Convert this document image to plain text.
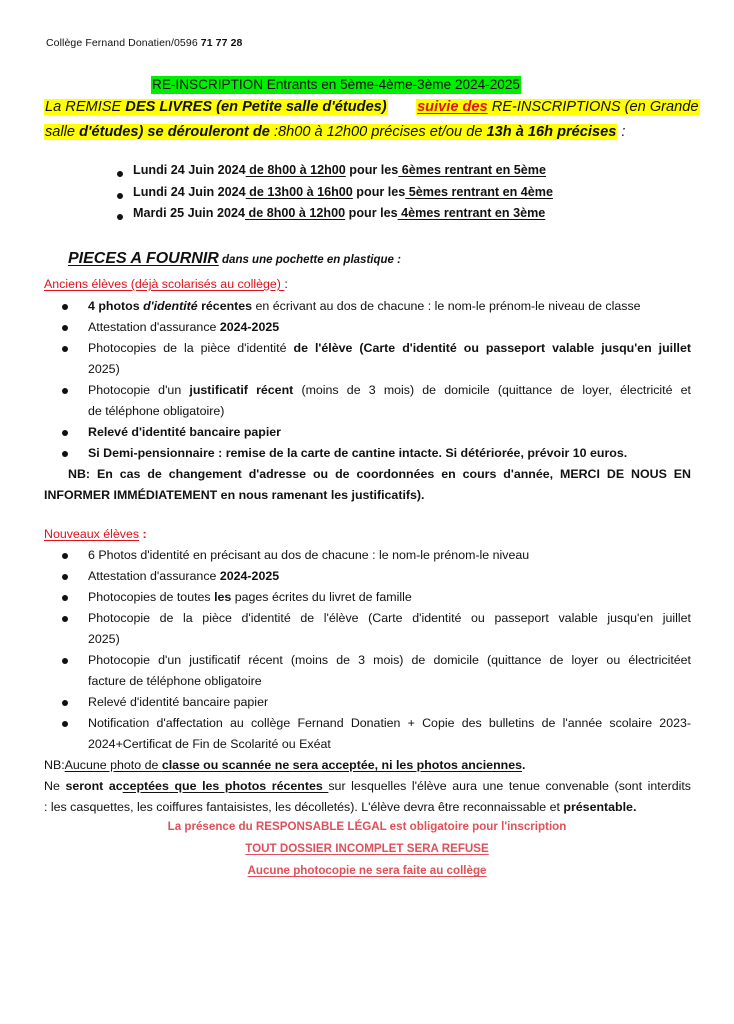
Collège Fernand Donatien/0596 71 77 28
RE-INSCRIPTION Entrants en 5ème-4ème-3ème 2024-2025
La REMISE DES LIVRES (en Petite salle d'études) suivie des RE-INSCRIPTIONS (en Grande
salle d'études) se dérouleront de :8h00 à 12h00 précises et/ou de 13h à 16h précises :
Lundi 24 Juin 2024 de 8h00 à 12h00 pour les 6èmes rentrant en 5ème
Lundi 24 Juin 2024 de 13h00 à 16h00 pour les 5èmes rentrant en 4ème
Mardi 25 Juin 2024 de 8h00 à 12h00 pour les 4èmes rentrant en 3ème
PIECES A FOURNIR dans une pochette en plastique :
Anciens élèves (déjà scolarisés au collège) :
4 photos d'identité récentes en écrivant au dos de chacune : le nom-le prénom-le niveau de classe
Attestation d'assurance 2024-2025
Photocopies de la pièce d'identité de l'élève (Carte d'identité ou passeport valable jusqu'en juillet
2025)
Photocopie d'un justificatif récent (moins de 3 mois) de domicile (quittance de loyer, électricité et
de téléphone obligatoire)
Relevé d'identité bancaire papier
Si Demi-pensionnaire : remise de la carte de cantine intacte. Si détériorée, prévoir 10 euros.
NB: En cas de changement d'adresse ou de coordonnées en cours d'année, MERCI DE NOUS EN
INFORMER IMMÉDIATEMENT en nous ramenant les justificatifs).
Nouveaux élèves :
6 Photos d'identité en précisant au dos de chacune : le nom-le prénom-le niveau
Attestation d'assurance 2024-2025
Photocopies de toutes les pages écrites du livret de famille
Photocopie de la pièce d'identité de l'élève (Carte d'identité ou passeport valable jusqu'en juillet
2025)
Photocopie d'un justificatif récent (moins de 3 mois) de domicile (quittance de loyer ou électricitéet
facture de téléphone obligatoire
Relevé d'identité bancaire papier
Notification d'affectation au collège Fernand Donatien + Copie des bulletins de l'année scolaire 2023-
2024+Certificat de Fin de Scolarité ou Exéat
NB:Aucune photo de classe ou scannée ne sera acceptée, ni les photos anciennes.
Ne seront acceptées que les photos récentes sur lesquelles l'élève aura une tenue convenable (sont interdits
: les casquettes, les coiffures fantaisistes, les décolletés). L'élève devra être reconnaissable et présentable.
La présence du RESPONSABLE LÉGAL est obligatoire pour l'inscription
TOUT DOSSIER INCOMPLET SERA REFUSE
Aucune photocopie ne sera faite au collège
